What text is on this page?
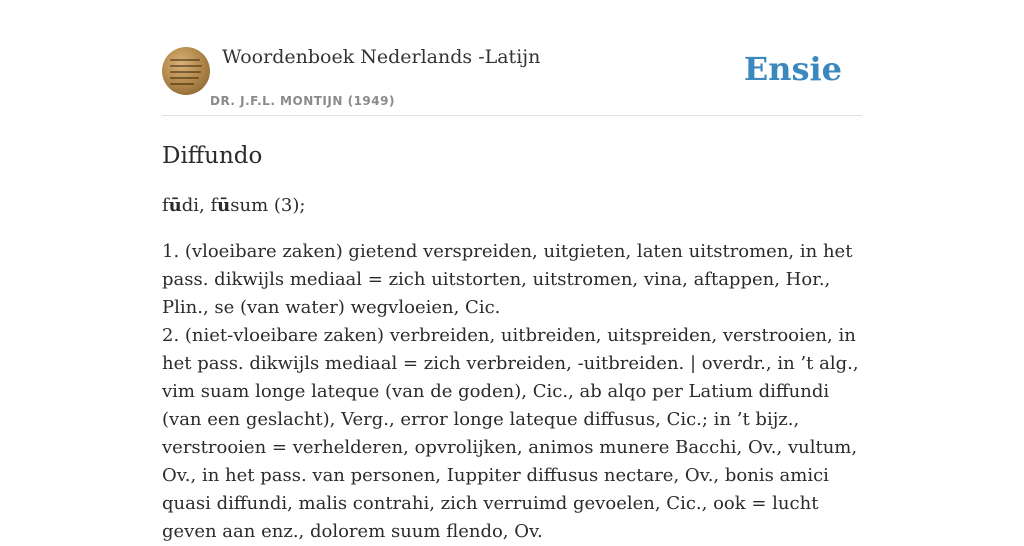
Woordenboek Nederlands -Latijn
DR. J.F.L. MONTIJN (1949)
Ensie
Diffundo

fūdi, fūsum (3);

1. (vloeibare zaken) gietend verspreiden, uitgieten, laten uitstromen, in het pass. dikwijls mediaal = zich uitstorten, uitstromen, vina, aftappen, Hor., Plin., se (van water) wegvloeien, Cic.

2. (niet-vloeibare zaken) verbreiden, uitbreiden, uitspreiden, verstrooien, in het pass. dikwijls mediaal = zich verbreiden, -uitbreiden. | overdr., in ’t alg., vim suam longe lateque (van de goden), Cic., ab alqo per Latium diffundi (van een geslacht), Verg., error longe lateque diffusus, Cic.; in ’t bijz., verstrooien = verhelderen, opvrolijken, animos munere Bacchi, Ov., vultum, Ov., in het pass. van personen, Iuppiter diffusus nectare, Ov., bonis amici quasi diffundi, malis contrahi, zich verruimd gevoelen, Cic., ook = lucht geven aan enz., dolorem suum flendo, Ov.
